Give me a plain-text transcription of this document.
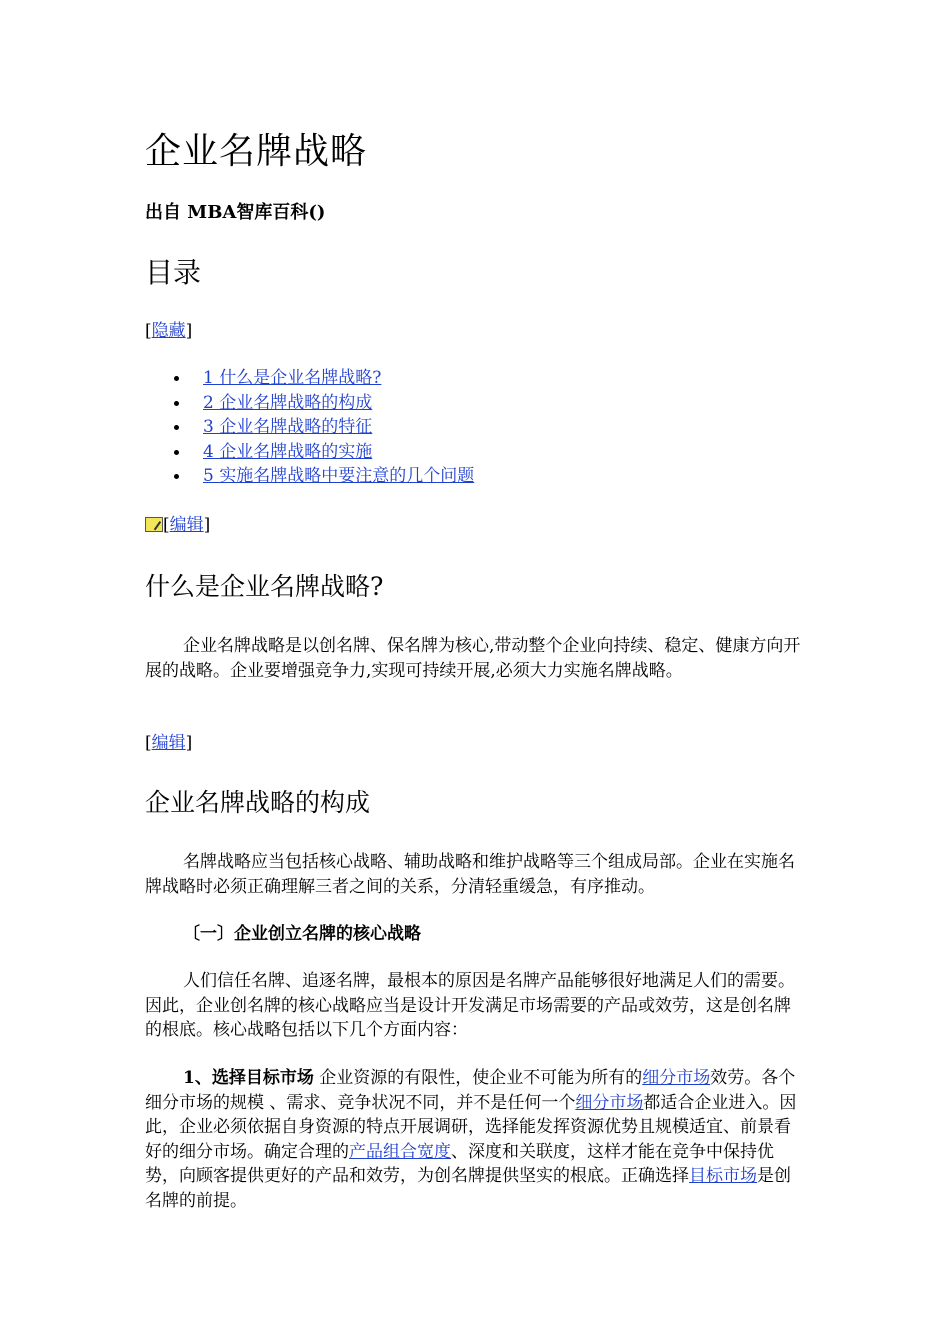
企业名牌战略
出自 MBA智库百科()
目录
[隐藏]
1 什么是企业名牌战略?
2 企业名牌战略的构成
3 企业名牌战略的特征
4 企业名牌战略的实施
5 实施名牌战略中要注意的几个问题
[编辑]
什么是企业名牌战略?

企业名牌战略是以创名牌、保名牌为核心,带动整个企业向持续、稳定、健康方向开展的战略。企业要增强竞争力,实现可持续开展,必须大力实施名牌战略。

[编辑]
企业名牌战略的构成

名牌战略应当包括核心战略、辅助战略和维护战略等三个组成局部。企业在实施名牌战略时必须正确理解三者之间的关系，分清轻重缓急，有序推动。

〔一〕企业创立名牌的核心战略

人们信任名牌、追逐名牌，最根本的原因是名牌产品能够很好地满足人们的需要。因此，企业创名牌的核心战略应当是设计开发满足市场需要的产品或效劳，这是创名牌的根底。核心战略包括以下几个方面内容：

1、选择目标市场 企业资源的有限性，使企业不可能为所有的细分市场效劳。各个细分市场的规模 、需求、竞争状况不同，并不是任何一个细分市场都适合企业进入。因此，企业必须依据自身资源的特点开展调研，选择能发挥资源优势且规模适宜、前景看好的细分市场。确定合理的产品组合宽度、深度和关联度，这样才能在竞争中保持优势，向顾客提供更好的产品和效劳，为创名牌提供坚实的根底。正确选择目标市场是创 名牌的前提。
